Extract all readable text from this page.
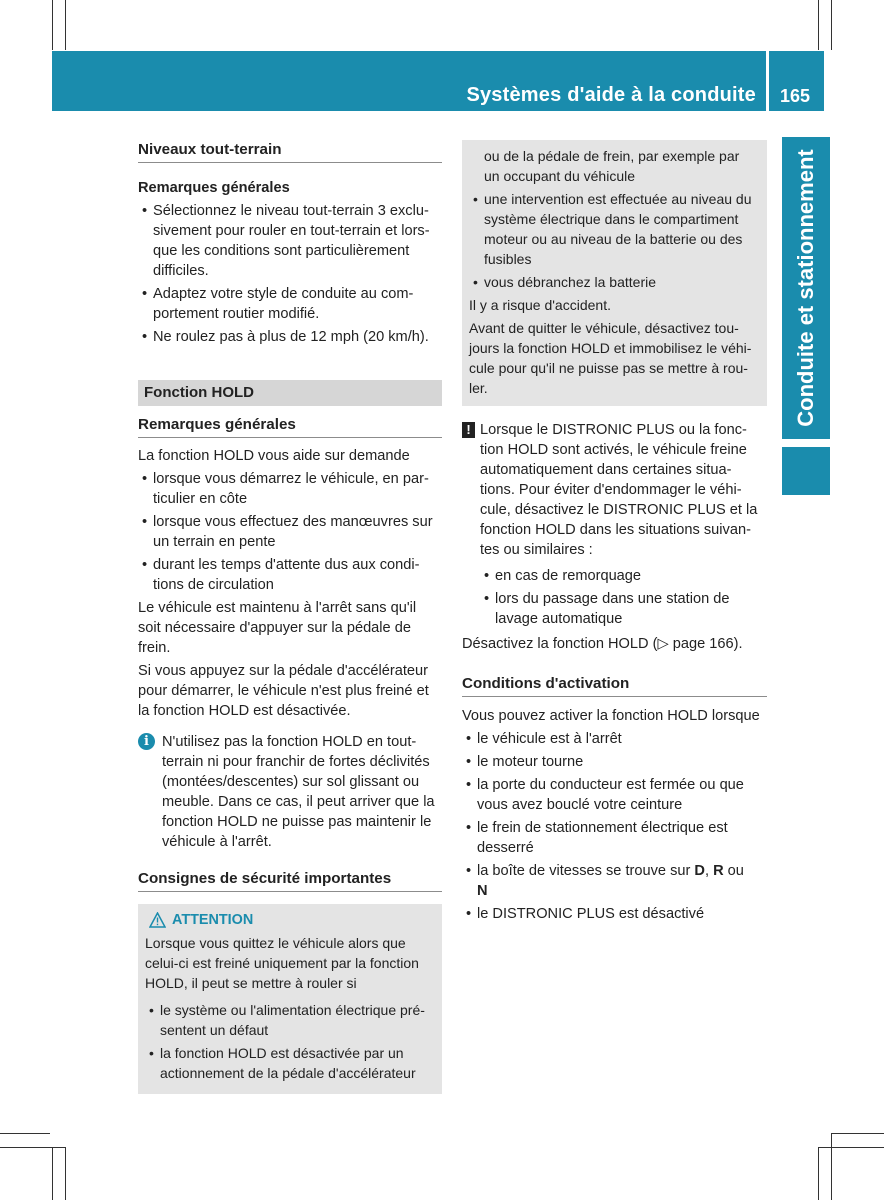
Systèmes d'aide à la conduite 165
Conduite et stationnement
Niveaux tout-terrain
Remarques générales
• Sélectionnez le niveau tout-terrain 3 exclu-
sivement pour rouler en tout-terrain et lors-
que les conditions sont particulièrement
difficiles.
• Adaptez votre style de conduite au com-
portement routier modifié.
• Ne roulez pas à plus de 12 mph (20 km/h).
Fonction HOLD
Remarques générales

La fonction HOLD vous aide sur demande

• lorsque vous démarrez le véhicule, en par-
ticulier en côte
• lorsque vous effectuez des manœuvres sur
un terrain en pente
• durant les temps d'attente dus aux condi-
tions de circulation

Le véhicule est maintenu à l'arrêt sans qu'il
soit nécessaire d'appuyer sur la pédale de
frein.

Si vous appuyez sur la pédale d'accélérateur
pour démarrer, le véhicule n'est plus freiné et
la fonction HOLD est désactivée.

i N'utilisez pas la fonction HOLD en tout-
terrain ni pour franchir de fortes déclivités
(montées/descentes) sur sol glissant ou
meuble. Dans ce cas, il peut arriver que la
fonction HOLD ne puisse pas maintenir le
véhicule à l'arrêt.
Consignes de sécurité importantes
ATTENTION

Lorsque vous quittez le véhicule alors que
celui-ci est freiné uniquement par la fonction
HOLD, il peut se mettre à rouler si

• le système ou l'alimentation électrique pré-
sentent un défaut
• la fonction HOLD est désactivée par un
actionnement de la pédale d'accélérateur
ou de la pédale de frein, par exemple par
un occupant du véhicule
• une intervention est effectuée au niveau du
système électrique dans le compartiment
moteur ou au niveau de la batterie ou des
fusibles
• vous débranchez la batterie

Il y a risque d'accident.

Avant de quitter le véhicule, désactivez tou-
jours la fonction HOLD et immobilisez le véhi-
cule pour qu'il ne puisse pas se mettre à rou-
ler.

! Lorsque le DISTRONIC PLUS ou la fonc-
tion HOLD sont activés, le véhicule freine
automatiquement dans certaines situa-
tions. Pour éviter d'endommager le véhi-
cule, désactivez le DISTRONIC PLUS et la
fonction HOLD dans les situations suivan-
tes ou similaires :
• en cas de remorquage
• lors du passage dans une station de
lavage automatique

Désactivez la fonction HOLD (▷ page 166).

Conditions d'activation

Vous pouvez activer la fonction HOLD lorsque

• le véhicule est à l'arrêt
• le moteur tourne
• la porte du conducteur est fermée ou que
vous avez bouclé votre ceinture
• le frein de stationnement électrique est
desserré
• la boîte de vitesses se trouve sur D, R ou
N
• le DISTRONIC PLUS est désactivé
